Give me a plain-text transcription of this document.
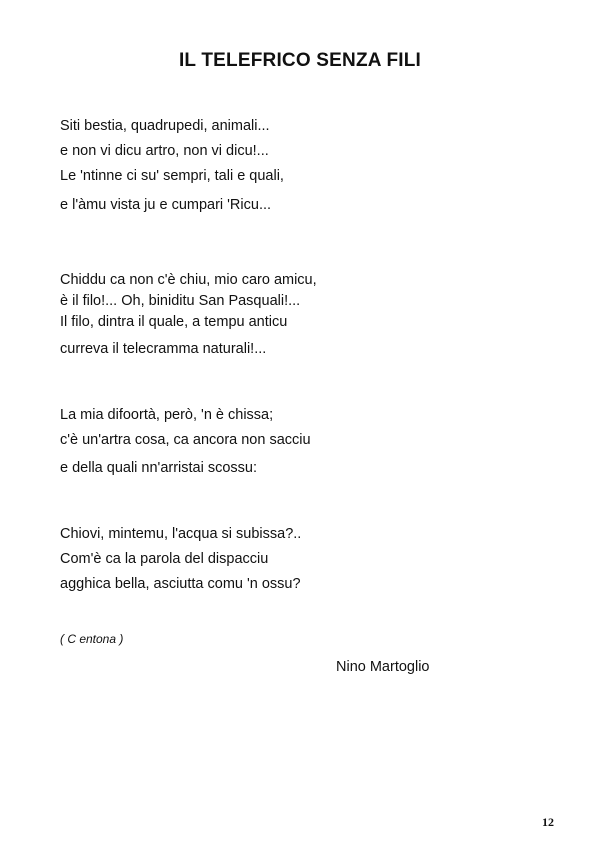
IL TELEFRICO SENZA FILI
Siti bestia, quadrupedi, animali...
e non vi dicu artro, non vi dicu!...
Le 'ntinne ci su' sempri, tali e quali,
e l'àmu vista ju e cumpari 'Ricu...
Chiddu ca non c'è chiu, mio caro amicu,
è il filo!... Oh, biniditu San Pasquali!...
Il filo, dintra il quale, a tempu anticu
curreva il telecramma naturali!...
La mia difoortà, però, 'n è chissa;
c'è un'artra cosa, ca ancora non sacciu
e della quali nn'arristai scossu:
Chiovi, mintemu, l'acqua si subissa?..
Com'è ca la parola del dispacciu
agghica bella, asciutta comu 'n ossu?

( C entona )

Nino Martoglio

12
